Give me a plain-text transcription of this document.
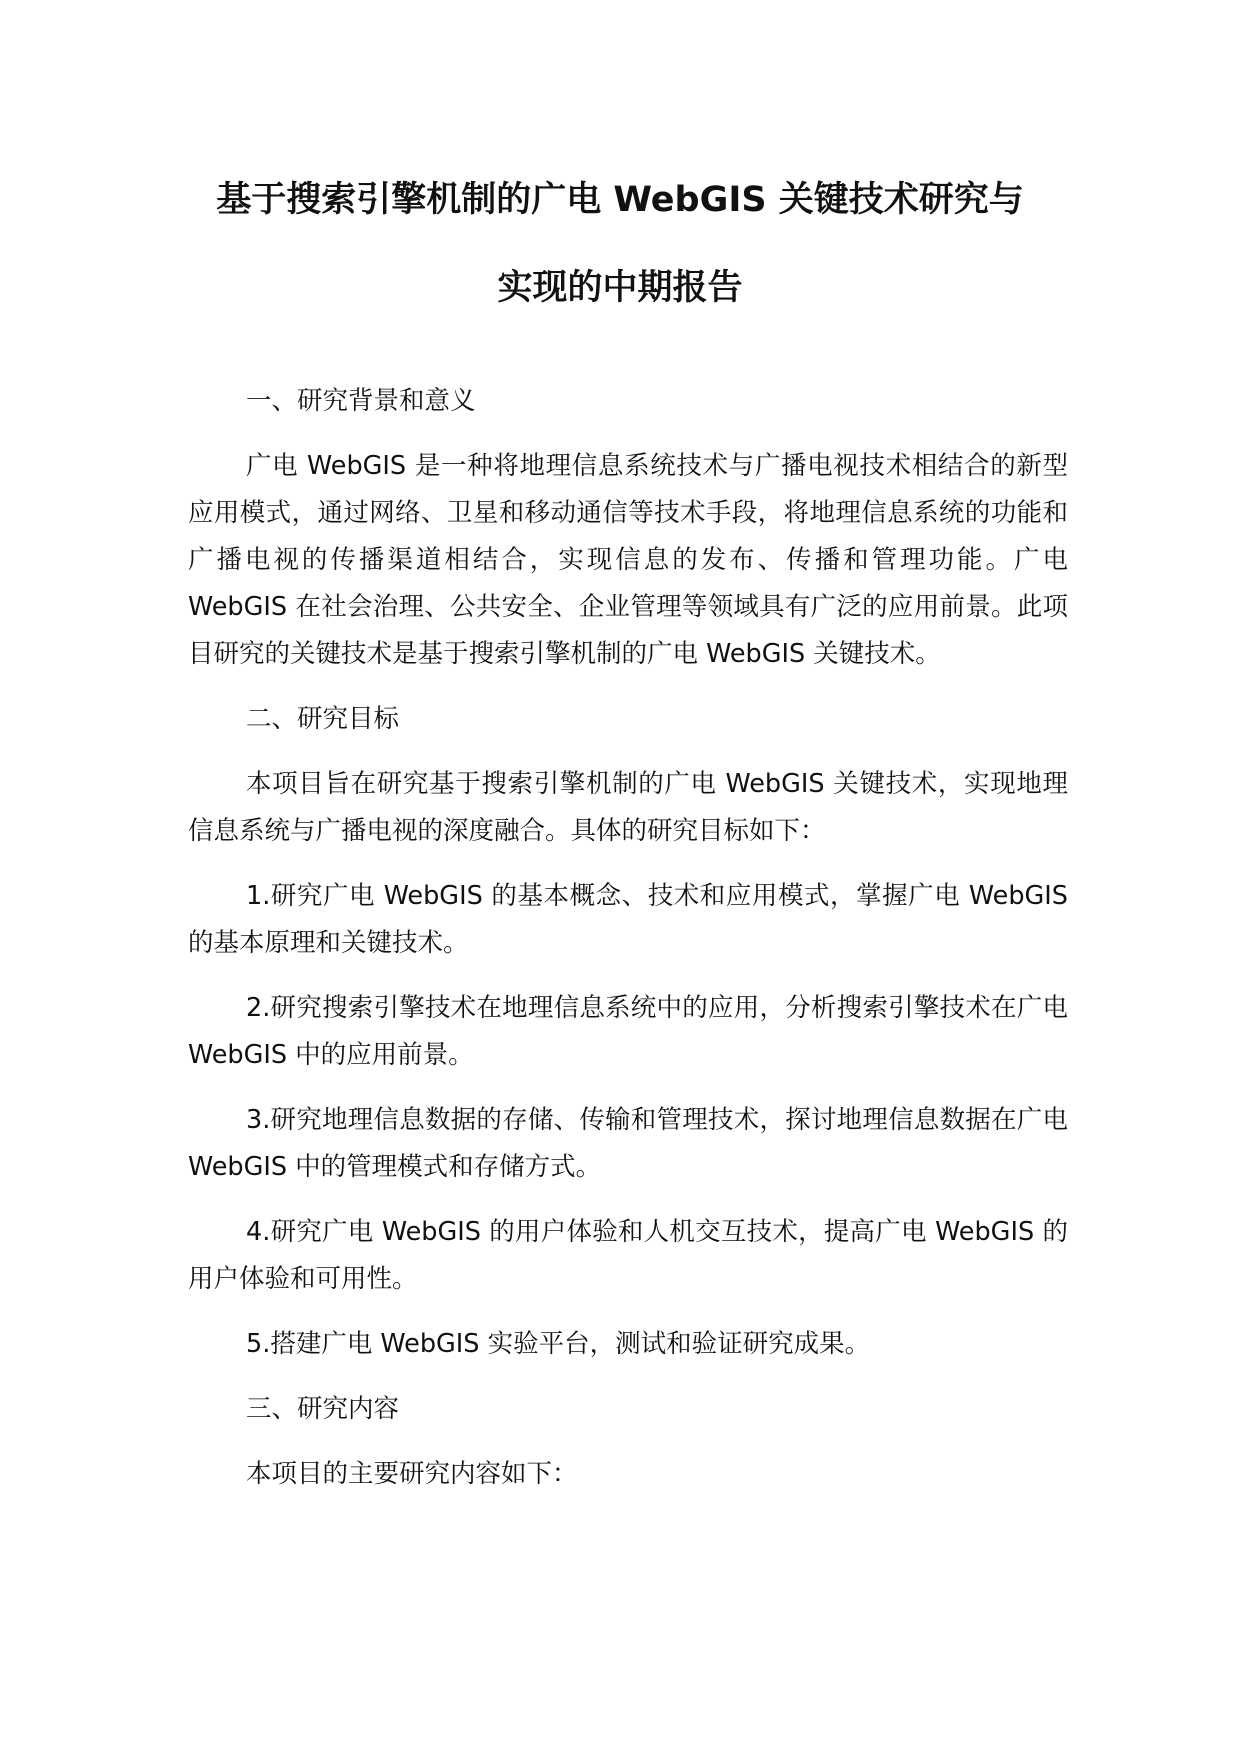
基于搜索引擎机制的广电 WebGIS 关键技术研究与
实现的中期报告
一、研究背景和意义

广电 WebGIS 是一种将地理信息系统技术与广播电视技术相结合的新型应用模式，通过网络、卫星和移动通信等技术手段，将地理信息系统的功能和广播电视的传播渠道相结合，实现信息的发布、传播和管理功能。广电 WebGIS 在社会治理、公共安全、企业管理等领域具有广泛的应用前景。此项目研究的关键技术是基于搜索引擎机制的广电 WebGIS 关键技术。

二、研究目标

本项目旨在研究基于搜索引擎机制的广电 WebGIS 关键技术，实现地理信息系统与广播电视的深度融合。具体的研究目标如下：

1.研究广电 WebGIS 的基本概念、技术和应用模式，掌握广电 WebGIS 的基本原理和关键技术。

2.研究搜索引擎技术在地理信息系统中的应用，分析搜索引擎技术在广电 WebGIS 中的应用前景。

3.研究地理信息数据的存储、传输和管理技术，探讨地理信息数据在广电 WebGIS 中的管理模式和存储方式。

4.研究广电 WebGIS 的用户体验和人机交互技术，提高广电 WebGIS 的用户体验和可用性。

5.搭建广电 WebGIS 实验平台，测试和验证研究成果。

三、研究内容

本项目的主要研究内容如下：
